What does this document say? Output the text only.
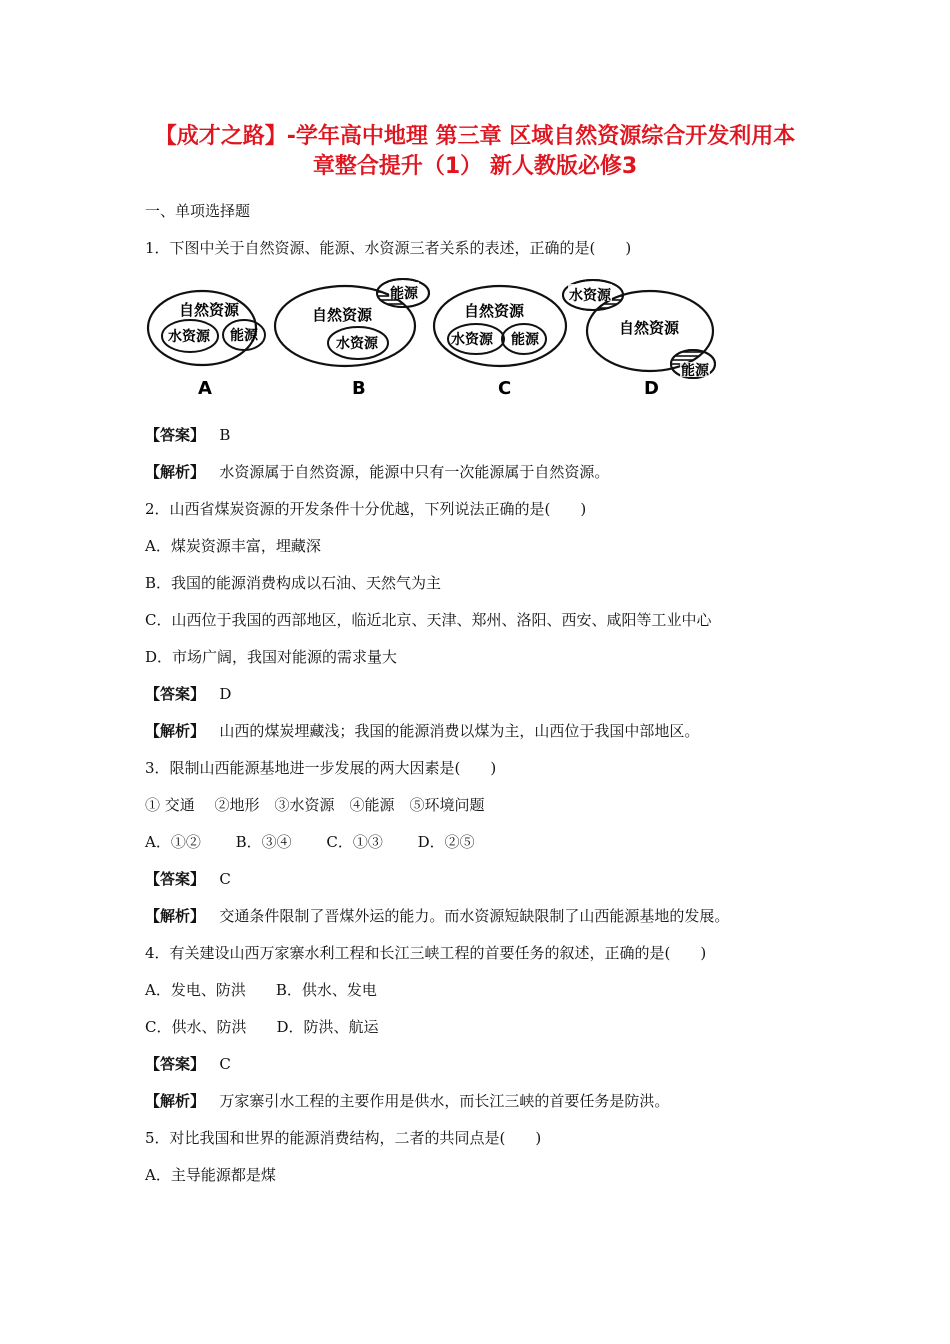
【成才之路】-学年高中地理 第三章 区域自然资源综合开发利用本
章整合提升（1） 新人教版必修3
一、单项选择题
1．下图中关于自然资源、能源、水资源三者关系的表述，正确的是(　　)
自然资源
水资源 能源
A
能源
自然资源
水资源
B
自然资源
水资源 能源
C
水资源
自然资源
能源
D
【答案】 B
【解析】 水资源属于自然资源，能源中只有一次能源属于自然资源。
2．山西省煤炭资源的开发条件十分优越，下列说法正确的是(　　)
A．煤炭资源丰富，埋藏深
B．我国的能源消费构成以石油、天然气为主
C．山西位于我国的西部地区，临近北京、天津、郑州、洛阳、西安、咸阳等工业中心
D．市场广阔，我国对能源的需求量大
【答案】 D
【解析】 山西的煤炭埋藏浅；我国的能源消费以煤为主，山西位于我国中部地区。
3．限制山西能源基地进一步发展的两大因素是(　　)
① 交通　 ②地形　③水资源　④能源　⑤环境问题
A．①②　　 B．③④　　 C．①③　　 D．②⑤
【答案】 C
【解析】 交通条件限制了晋煤外运的能力。而水资源短缺限制了山西能源基地的发展。
4．有关建设山西万家寨水利工程和长江三峡工程的首要任务的叙述，正确的是(　　)
A．发电、防洪　　B．供水、发电
C．供水、防洪　　D．防洪、航运
【答案】 C
【解析】 万家寨引水工程的主要作用是供水，而长江三峡的首要任务是防洪。
5．对比我国和世界的能源消费结构，二者的共同点是(　　)
A．主导能源都是煤
